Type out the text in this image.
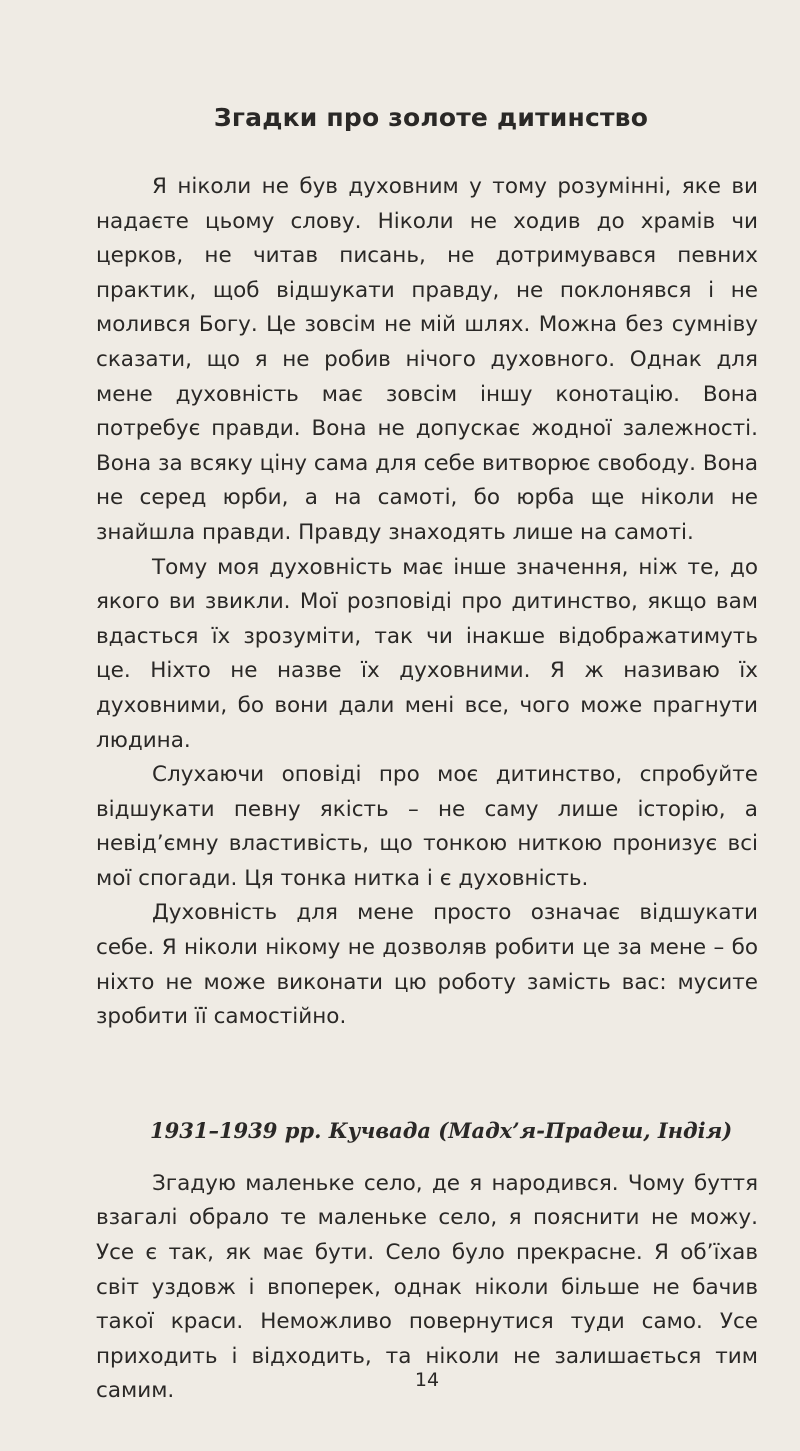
Згадки про золоте дитинство

Я ніколи не був духовним у тому розумінні, яке ви надаєте цьому слову. Ніколи не ходив до храмів чи церков, не читав писань, не дотримувався певних практик, щоб відшукати правду, не поклонявся і не молився Богу. Це зовсім не мій шлях. Можна без сумніву сказати, що я не робив нічого духовного. Однак для мене духовність має зовсім іншу конотацію. Вона потребує правди. Вона не допускає жодної залежності. Вона за всяку ціну сама для себе витворює свободу. Вона не серед юрби, а на самоті, бо юрба ще ніколи не знайшла правди. Правду знаходять лише на самоті.

Тому моя духовність має інше значення, ніж те, до якого ви звикли. Мої розповіді про дитинство, якщо вам вдасться їх зрозуміти, так чи інакше відображатимуть це. Ніхто не назве їх духовними. Я ж називаю їх духовними, бо вони дали мені все, чого може прагнути людина.

Слухаючи оповіді про моє дитинство, спробуйте відшукати певну якість – не саму лише історію, а невід’ємну властивість, що тонкою ниткою пронизує всі мої спогади. Ця тонка нитка і є духовність.

Духовність для мене просто означає відшукати себе. Я ніколи нікому не дозволяв робити це за мене – бо ніхто не може виконати цю роботу замість вас: мусите зробити її самостійно.

1931–1939 рр. Кучвада (Мадх’я-Прадеш, Індія)

Згадую маленьке село, де я народився. Чому буття взагалі обрало те маленьке село, я пояснити не можу. Усе є так, як має бути. Село було прекрасне. Я об’їхав світ уздовж і впоперек, однак ніколи більше не бачив такої краси. Неможливо повернутися туди само. Усе приходить і відходить, та ніколи не залишається тим самим.	14
